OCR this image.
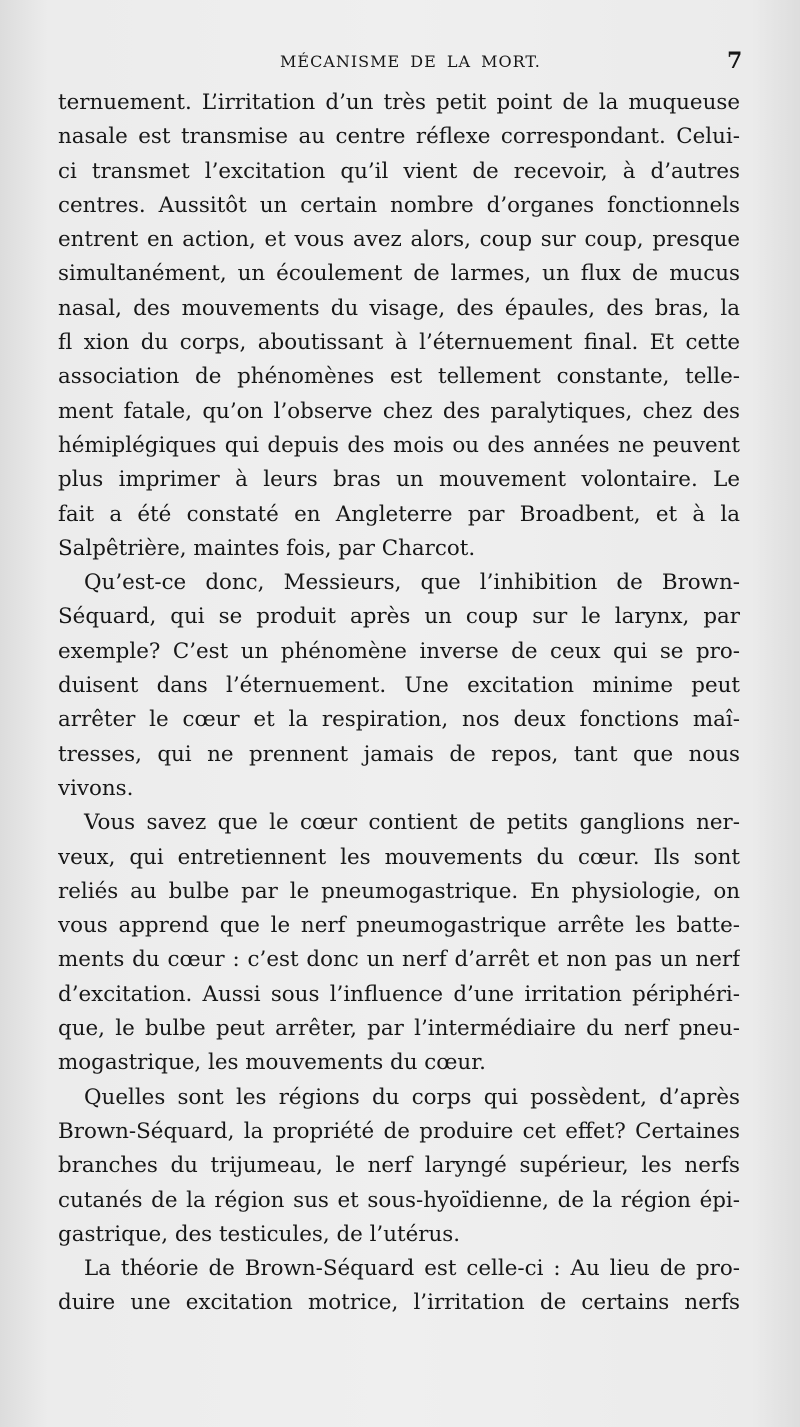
MÉCANISME DE LA MORT.	7
ternuement. L’irritation d’un très petit point de la muqueuse
nasale est transmise au centre réflexe correspondant. Celui-
ci transmet l’excitation qu’il vient de recevoir, à d’autres
centres. Aussitôt un certain nombre d’organes fonctionnels
entrent en action, et vous avez alors, coup sur coup, presque
simultanément, un écoulement de larmes, un flux de mucus
nasal, des mouvements du visage, des épaules, des bras, la
fl xion du corps, aboutissant à l’éternuement final. Et cette
association de phénomènes est tellement constante, telle-
ment fatale, qu’on l’observe chez des paralytiques, chez des
hémiplégiques qui depuis des mois ou des années ne peuvent
plus imprimer à leurs bras un mouvement volontaire. Le
fait a été constaté en Angleterre par Broadbent, et à la
Salpêtrière, maintes fois, par Charcot.
Qu’est-ce donc, Messieurs, que l’inhibition de Brown-
Séquard, qui se produit après un coup sur le larynx, par
exemple? C’est un phénomène inverse de ceux qui se pro-
duisent dans l’éternuement. Une excitation minime peut
arrêter le cœur et la respiration, nos deux fonctions maî-
tresses, qui ne prennent jamais de repos, tant que nous
vivons.
Vous savez que le cœur contient de petits ganglions ner-
veux, qui entretiennent les mouvements du cœur. Ils sont
reliés au bulbe par le pneumogastrique. En physiologie, on
vous apprend que le nerf pneumogastrique arrête les batte-
ments du cœur : c’est donc un nerf d’arrêt et non pas un nerf
d’excitation. Aussi sous l’influence d’une irritation périphéri-
que, le bulbe peut arrêter, par l’intermédiaire du nerf pneu-
mogastrique, les mouvements du cœur.
Quelles sont les régions du corps qui possèdent, d’après
Brown-Séquard, la propriété de produire cet effet? Certaines
branches du trijumeau, le nerf laryngé supérieur, les nerfs
cutanés de la région sus et sous-hyoïdienne, de la région épi-
gastrique, des testicules, de l’utérus.
La théorie de Brown-Séquard est celle-ci : Au lieu de pro-
duire une excitation motrice, l’irritation de certains nerfs
